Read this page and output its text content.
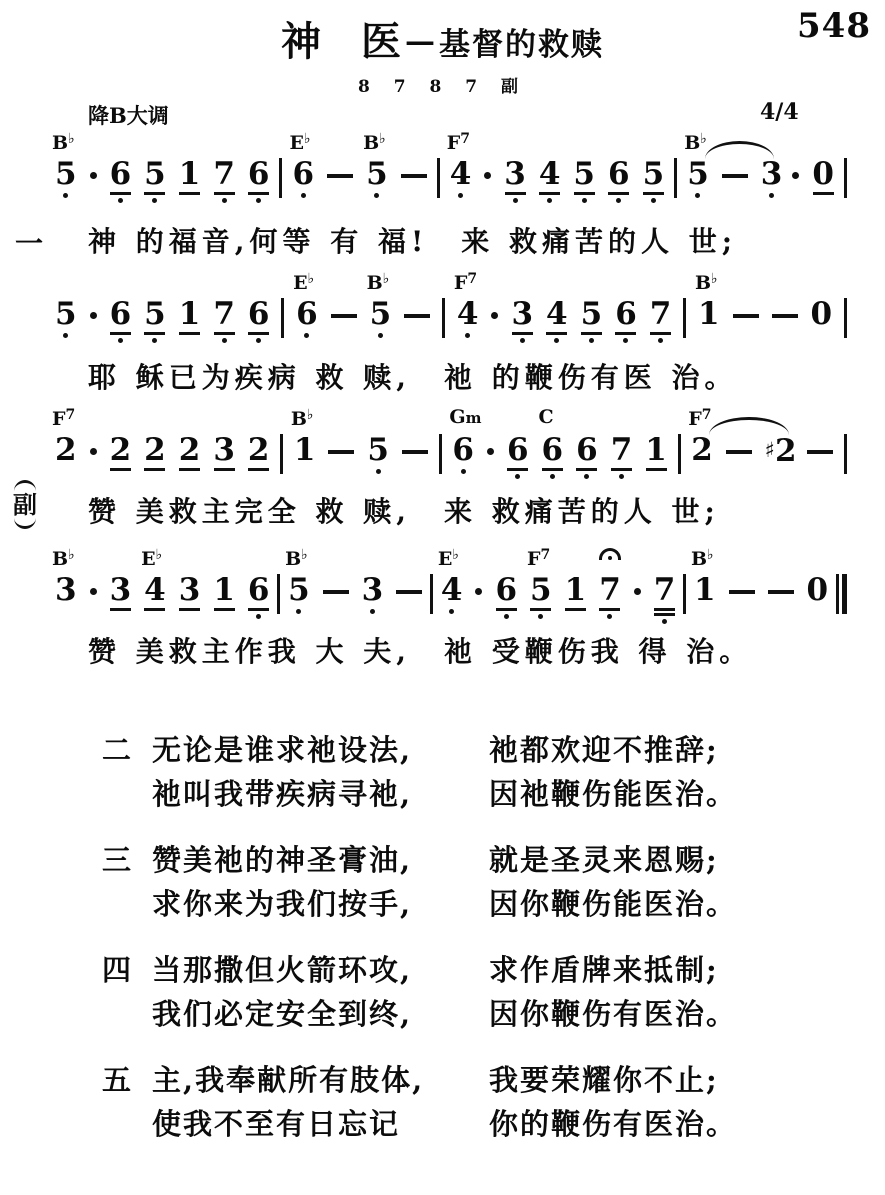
548
神　医 — 基督的救赎
8 7 8 7 副
降B大调	4/4
B♭
5 6 5 1 7 6
E♭
6
B♭
5
$F^7$
4 3 4 5 6 5
B♭
5 3 0
一 神 的福音,何等 有 福!　来 救痛苦的人 世;
5 6 5 1 7 6
E♭
6
B♭
5
$F^7$
4 3 4 5 6 7
B♭
1	0
耶 稣已为疾病 救 赎,　祂 的鞭伤有医 治。
$F^7$
2 2 2 2 3 2
B♭
1 5
Gm
6 6
C
6 6 7 1
$F^7$
2 ♯2
副 赞 美救主完全 救 赎,　来 救痛苦的人 世;
B♭
3 3
E♭
4 3 1 6
B♭
5 3
E♭
4 6
$F^7$
5 1 7 7
B♭
1	0
赞 美救主作我 大 夫,　祂 受鞭伤我 得 治。
二 无论是谁求祂设法,	祂都欢迎不推辞;
祂叫我带疾病寻祂,	因祂鞭伤能医治。
三 赞美祂的神圣膏油,	就是圣灵来恩赐;
求你来为我们按手,	因你鞭伤能医治。
四 当那撒但火箭环攻,	求作盾牌来抵制;
我们必定安全到终,	因你鞭伤有医治。
五 主,我奉献所有肢体,	我要荣耀你不止;
使我不至有日忘记	你的鞭伤有医治。
